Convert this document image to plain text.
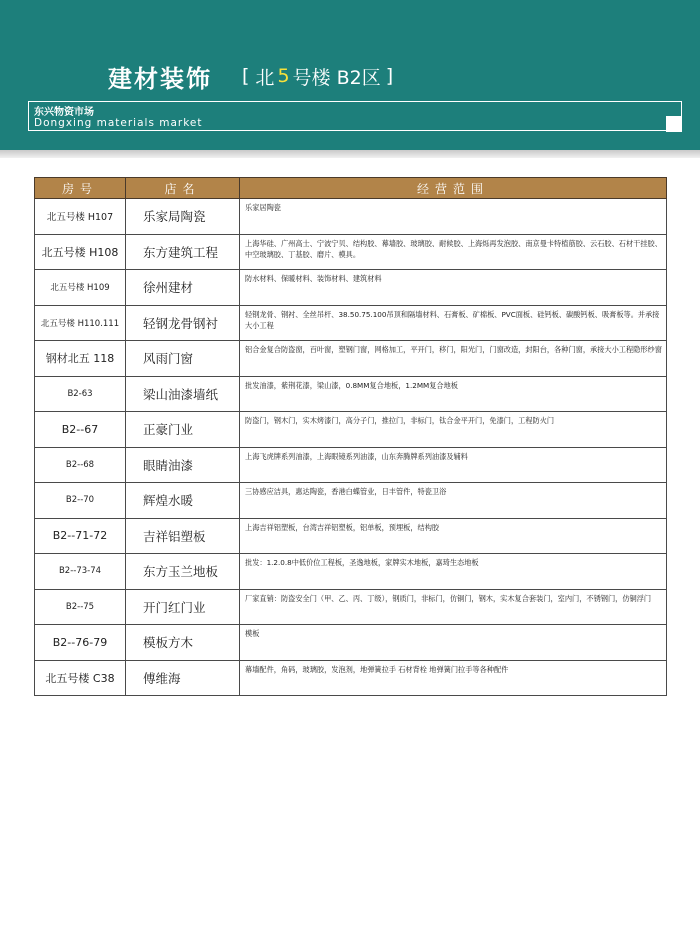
建材装饰 [ 北 5 号楼 B2区 ]
东兴物资市场
Dongxing materials market
房号	店名	经营范围
北五号楼 H107	乐家局陶瓷	乐家居陶瓷
北五号楼 H108	东方建筑工程	上海华硅、广州高士、宁波宁贝、结构胶、幕墙胶、玻璃胶、耐候胶、上海烁再发泡胶、南京曼卡特植筋胶、云石胶、石材干挂胶、中空玻璃胶、丁基胶、磨片、模具。
北五号楼 H109	徐州建材	防水材料、保暖材料、装饰材料、建筑材料
北五号楼 H110.111	轻钢龙骨钢衬	轻钢龙骨、钢衬、全丝吊杆、38.50.75.100吊顶和隔墙材料、石膏板、矿棉板、PVC面板、硅钙板、碳酸钙板、吸膏板等。并承接大小工程
钢材北五 118	风雨门窗	铝合金复合防盗窗，百叶窗，塑钢门窗，网格加工，平开门，移门，阳光门，门窗改造，封阳台，各种门窗，承接大小工程隐形纱窗
B2-63	梁山油漆墙纸	批发油漆，紫荆花漆，梁山漆，0.8MM复合地板，1.2MM复合地板
B2--67	正豪门业	防盗门，钢木门，实木烤漆门，高分子门，推拉门，非标门，钛合金平开门，免漆门，工程防火门
B2--68	眼睛油漆	上海飞虎牌系列油漆，上海眼镜系列油漆，山东奔腾牌系列油漆及辅料
B2--70	辉煌水暖	三协感应洁具，惠达陶瓷，香港白蝶管业，日丰管件，特瓷卫浴
B2--71-72	吉祥铝塑板	上海吉祥铝塑板，台湾吉祥铝塑板，铝单板，预埋板，结构胶
B2--73-74	东方玉兰地板	批发：1.2.0.8中低价位工程板，圣逸地板，家牌实木地板，嘉琦生态地板
B2--75	开门红门业	厂家直销：防盗安全门（甲、乙、丙、丁级），钢质门，非标门，仿铜门，钢木，实木复合套装门，室内门，不锈钢门，仿铜浮门
B2--76-79	模板方木	模板
北五号楼 C38	傅维海	幕墙配件，角码，玻璃胶，发泡剂，地弹簧拉手 石材背栓 地弹簧门拉手等各种配件
